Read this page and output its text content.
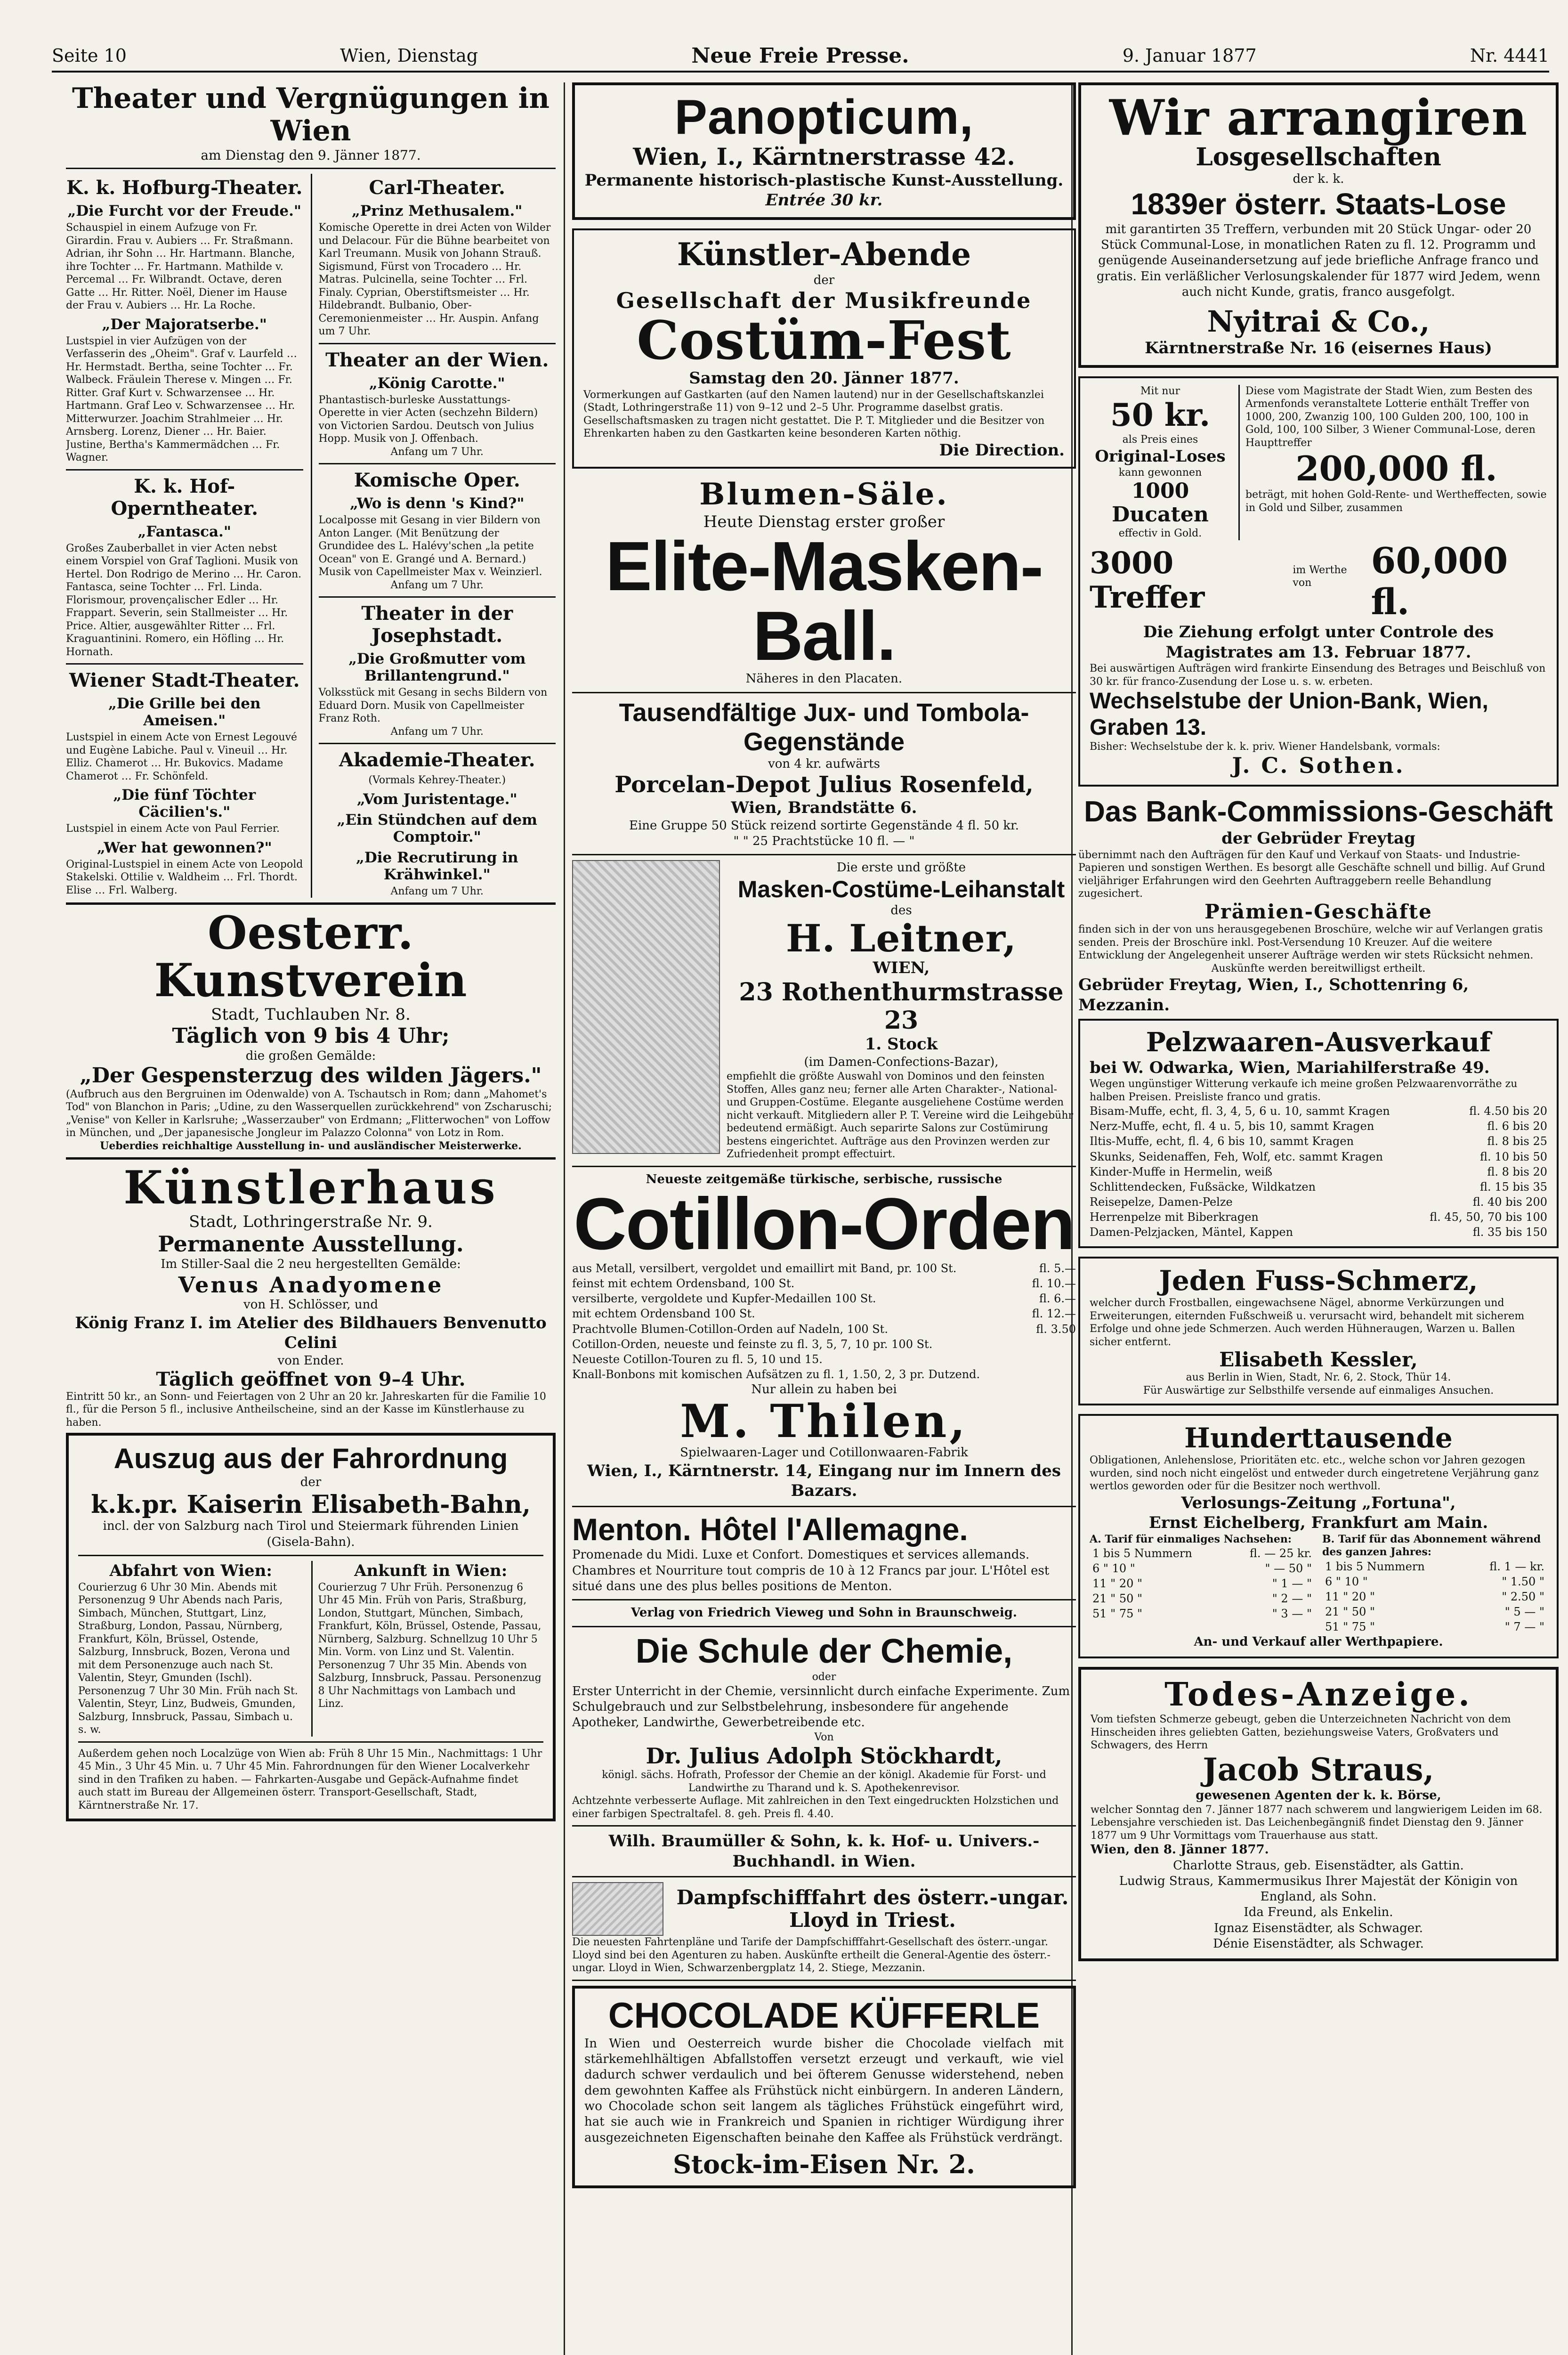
Seite 10	Wien, Dienstag	Neue Freie Presse.	9. Januar 1877	Nr. 4441
Theater und Vergnügungen in Wien
am Dienstag den 9. Jänner 1877.
K. k. Hofburg-Theater.
„Die Furcht vor der Freude."
Schauspiel in einem Aufzuge von Fr. Girardin. Frau v. Aubiers … Fr. Straßmann. Adrian, ihr Sohn … Hr. Hartmann. Blanche, ihre Tochter … Fr. Hartmann. Mathilde v. Percemal … Fr. Wilbrandt. Octave, deren Gatte … Hr. Ritter. Noël, Diener im Hause der Frau v. Aubiers … Hr. La Roche.
„Der Majoratserbe."
Lustspiel in vier Aufzügen von der Verfasserin des „Oheim". Graf v. Laurfeld … Hr. Hermstadt. Bertha, seine Tochter … Fr. Walbeck. Fräulein Therese v. Mingen … Fr. Ritter. Graf Kurt v. Schwarzensee … Hr. Hartmann. Graf Leo v. Schwarzensee … Hr. Mitterwurzer. Joachim Strahlmeier … Hr. Arnsberg. Lorenz, Diener … Hr. Baier. Justine, Bertha's Kammermädchen … Fr. Wagner.
K. k. Hof-Operntheater.
„Fantasca."
Großes Zauberballet in vier Acten nebst einem Vorspiel von Graf Taglioni. Musik von Hertel. Don Rodrigo de Merino … Hr. Caron. Fantasca, seine Tochter … Frl. Linda. Florismour, provençalischer Edler … Hr. Frappart. Severin, sein Stallmeister … Hr. Price. Altier, ausgewählter Ritter … Frl. Kraguantinini. Romero, ein Höfling … Hr. Hornath.
Wiener Stadt-Theater.
„Die Grille bei den Ameisen."
Lustspiel in einem Acte von Ernest Legouvé und Eugène Labiche. Paul v. Vineuil … Hr. Elliz. Chamerot … Hr. Bukovics. Madame Chamerot … Fr. Schönfeld.
„Die fünf Töchter Cäcilien's."
Lustspiel in einem Acte von Paul Ferrier.
„Wer hat gewonnen?"
Original-Lustspiel in einem Acte von Leopold Stakelski. Ottilie v. Waldheim … Frl. Thordt. Elise … Frl. Walberg.
Carl-Theater.
„Prinz Methusalem."
Komische Operette in drei Acten von Wilder und Delacour. Für die Bühne bearbeitet von Karl Treumann. Musik von Johann Strauß. Sigismund, Fürst von Trocadero … Hr. Matras. Pulcinella, seine Tochter … Frl. Finaly. Cyprian, Oberstiftsmeister … Hr. Hildebrandt. Bulbanio, Ober-Ceremonienmeister … Hr. Auspin. Anfang um 7 Uhr.
Theater an der Wien.
„König Carotte."
Phantastisch-burleske Ausstattungs-Operette in vier Acten (sechzehn Bildern) von Victorien Sardou. Deutsch von Julius Hopp. Musik von J. Offenbach.
Anfang um 7 Uhr.
Komische Oper.
„Wo is denn 's Kind?"
Localposse mit Gesang in vier Bildern von Anton Langer. (Mit Benützung der Grundidee des L. Halévy'schen „la petite Ocean" von E. Grangé und A. Bernard.) Musik von Capellmeister Max v. Weinzierl.
Anfang um 7 Uhr.
Theater in der Josephstadt.
„Die Großmutter vom Brillantengrund."
Volksstück mit Gesang in sechs Bildern von Eduard Dorn. Musik von Capellmeister Franz Roth.
Anfang um 7 Uhr.
Akademie-Theater.
(Vormals Kehrey-Theater.)
„Vom Juristentage."
„Ein Stündchen auf dem Comptoir."
„Die Recrutirung in Krähwinkel."
Anfang um 7 Uhr.
Oesterr. Kunstverein
Stadt, Tuchlauben Nr. 8.
Täglich von 9 bis 4 Uhr;
die großen Gemälde:
„Der Gespensterzug des wilden Jägers."
(Aufbruch aus den Bergruinen im Odenwalde) von A. Tschautsch in Rom; dann „Mahomet's Tod" von Blanchon in Paris; „Udine, zu den Wasserquellen zurückkehrend" von Zscharuschi; „Venise" von Keller in Karlsruhe; „Wasserzauber" von Erdmann; „Flitterwochen" von Loffow in München, und „Der japanesische Jongleur im Palazzo Colonna" von Lotz in Rom.
Ueberdies reichhaltige Ausstellung in- und ausländischer Meisterwerke.
Künstlerhaus
Stadt, Lothringerstraße Nr. 9.
Permanente Ausstellung.
Im Stiller-Saal die 2 neu hergestellten Gemälde:
Venus Anadyomene
von H. Schlösser, und
König Franz I. im Atelier des Bildhauers Benvenutto Celini
von Ender.
Täglich geöffnet von 9–4 Uhr.
Eintritt 50 kr., an Sonn- und Feiertagen von 2 Uhr an 20 kr. Jahreskarten für die Familie 10 fl., für die Person 5 fl., inclusive Antheilscheine, sind an der Kasse im Künstlerhause zu haben.
Auszug aus der Fahrordnung
der
k.k.pr. Kaiserin Elisabeth-Bahn,
incl. der von Salzburg nach Tirol und Steiermark führenden Linien (Gisela-Bahn).
Abfahrt von Wien:
Courierzug 6 Uhr 30 Min. Abends mit Personenzug 9 Uhr Abends nach Paris, Simbach, München, Stuttgart, Linz, Straßburg, London, Passau, Nürnberg, Frankfurt, Köln, Brüssel, Ostende, Salzburg, Innsbruck, Bozen, Verona und mit dem Personenzuge auch nach St. Valentin, Steyr, Gmunden (Ischl). Personenzug 7 Uhr 30 Min. Früh nach St. Valentin, Steyr, Linz, Budweis, Gmunden, Salzburg, Innsbruck, Passau, Simbach u. s. w.
Ankunft in Wien:
Courierzug 7 Uhr Früh. Personenzug 6 Uhr 45 Min. Früh von Paris, Straßburg, London, Stuttgart, München, Simbach, Frankfurt, Köln, Brüssel, Ostende, Passau, Nürnberg, Salzburg. Schnellzug 10 Uhr 5 Min. Vorm. von Linz und St. Valentin. Personenzug 7 Uhr 35 Min. Abends von Salzburg, Innsbruck, Passau. Personenzug 8 Uhr Nachmittags von Lambach und Linz.
Außerdem gehen noch Localzüge von Wien ab: Früh 8 Uhr 15 Min., Nachmittags: 1 Uhr 45 Min., 3 Uhr 45 Min. u. 7 Uhr 45 Min. Fahrordnungen für den Wiener Localverkehr sind in den Trafiken zu haben. — Fahrkarten-Ausgabe und Gepäck-Aufnahme findet auch statt im Bureau der Allgemeinen österr. Transport-Gesellschaft, Stadt, Kärntnerstraße Nr. 17.
Panopticum,
Wien, I., Kärntnerstrasse 42.
Permanente historisch-plastische Kunst-Ausstellung.
Entrée 30 kr.
Künstler-Abende
der
Gesellschaft der Musikfreunde
Costüm-Fest
Samstag den 20. Jänner 1877.
Vormerkungen auf Gastkarten (auf den Namen lautend) nur in der Gesellschaftskanzlei (Stadt, Lothringerstraße 11) von 9–12 und 2–5 Uhr. Programme daselbst gratis. Gesellschaftsmasken zu tragen nicht gestattet. Die P. T. Mitglieder und die Besitzer von Ehrenkarten haben zu den Gastkarten keine besonderen Karten nöthig.
Die Direction.
Blumen-Säle.
Heute Dienstag erster großer
Elite-Masken-Ball.
Näheres in den Placaten.
Tausendfältige Jux- und Tombola-Gegenstände
von 4 kr. aufwärts
Porcelan-Depot Julius Rosenfeld,
Wien, Brandstätte 6.
Eine Gruppe 50 Stück reizend sortirte Gegenstände 4 fl. 50 kr.
" " 25 Prachtstücke 10 fl. — "
Die erste und größte
Masken-Costüme-Leihanstalt
des
H. Leitner,
WIEN,
23 Rothenthurmstrasse 23
1. Stock
(im Damen-Confections-Bazar),
empfiehlt die größte Auswahl von Dominos und den feinsten Stoffen, Alles ganz neu; ferner alle Arten Charakter-, National- und Gruppen-Costüme. Elegante ausgeliehene Costüme werden nicht verkauft. Mitgliedern aller P. T. Vereine wird die Leihgebühr bedeutend ermäßigt. Auch separirte Salons zur Costümirung bestens eingerichtet. Aufträge aus den Provinzen werden zur Zufriedenheit prompt effectuirt.
Neueste zeitgemäße türkische, serbische, russische
Cotillon-Orden
aus Metall, versilbert, vergoldet und emaillirt mit Band, pr. 100 St.	fl. 5.—
feinst mit echtem Ordensband, 100 St.	fl. 10.—
versilberte, vergoldete und Kupfer-Medaillen 100 St.	fl. 6.—
mit echtem Ordensband 100 St.	fl. 12.—
Prachtvolle Blumen-Cotillon-Orden auf Nadeln, 100 St.	fl. 3.50
Cotillon-Orden, neueste und feinste zu fl. 3, 5, 7, 10 pr. 100 St.
Neueste Cotillon-Touren zu fl. 5, 10 und 15.
Knall-Bonbons mit komischen Aufsätzen zu fl. 1, 1.50, 2, 3 pr. Dutzend.
Nur allein zu haben bei
M. Thilen,
Spielwaaren-Lager und Cotillonwaaren-Fabrik
Wien, I., Kärntnerstr. 14, Eingang nur im Innern des Bazars.
Menton. Hôtel l'Allemagne.
Promenade du Midi. Luxe et Confort. Domestiques et services allemands. Chambres et Nourriture tout compris de 10 à 12 Francs par jour. L'Hôtel est situé dans une des plus belles positions de Menton.
Verlag von Friedrich Vieweg und Sohn in Braunschweig.
Die Schule der Chemie,
oder
Erster Unterricht in der Chemie, versinnlicht durch einfache Experimente. Zum Schulgebrauch und zur Selbstbelehrung, insbesondere für angehende Apotheker, Landwirthe, Gewerbetreibende etc.
Von
Dr. Julius Adolph Stöckhardt,
königl. sächs. Hofrath, Professor der Chemie an der königl. Akademie für Forst- und Landwirthe zu Tharand und k. S. Apothekenrevisor.
Achtzehnte verbesserte Auflage. Mit zahlreichen in den Text eingedruckten Holzstichen und einer farbigen Spectraltafel. 8. geh. Preis fl. 4.40.
Wilh. Braumüller & Sohn, k. k. Hof- u. Univers.-Buchhandl. in Wien.
Dampfschifffahrt des österr.-ungar. Lloyd in Triest.
Die neuesten Fahrtenpläne und Tarife der Dampfschifffahrt-Gesellschaft des österr.-ungar. Lloyd sind bei den Agenturen zu haben. Auskünfte ertheilt die General-Agentie des österr.-ungar. Lloyd in Wien, Schwarzenbergplatz 14, 2. Stiege, Mezzanin.
CHOCOLADE KÜFFERLE
In Wien und Oesterreich wurde bisher die Chocolade vielfach mit stärkemehlhältigen Abfallstoffen versetzt erzeugt und verkauft, wie viel dadurch schwer verdaulich und bei öfterem Genusse widerstehend, neben dem gewohnten Kaffee als Frühstück nicht einbürgern. In anderen Ländern, wo Chocolade schon seit langem als tägliches Frühstück eingeführt wird, hat sie auch wie in Frankreich und Spanien in richtiger Würdigung ihrer ausgezeichneten Eigenschaften beinahe den Kaffee als Frühstück verdrängt.
Stock-im-Eisen Nr. 2.
Wir arrangiren
Losgesellschaften
der k. k.
1839er österr. Staats-Lose
mit garantirten 35 Treffern, verbunden mit 20 Stück Ungar- oder 20 Stück Communal-Lose, in monatlichen Raten zu fl. 12. Programm und genügende Auseinandersetzung auf jede briefliche Anfrage franco und gratis. Ein verläßlicher Verlosungskalender für 1877 wird Jedem, wenn auch nicht Kunde, gratis, franco ausgefolgt.
Nyitrai & Co.,
Kärntnerstraße Nr. 16 (eisernes Haus)
Mit nur
50 kr.
als Preis eines
Original-Loses
kann gewonnen
1000 Ducaten
effectiv in Gold.
Diese vom Magistrate der Stadt Wien, zum Besten des Armenfonds veranstaltete Lotterie enthält Treffer von 1000, 200, Zwanzig 100, 100 Gulden 200, 100, 100 in Gold, 100, 100 Silber, 3 Wiener Communal-Lose, deren Haupttreffer
200,000 fl.
beträgt, mit hohen Gold-Rente- und Wertheffecten, sowie in Gold und Silber, zusammen
3000 Treffer
im Werthe von
60,000 fl.
Die Ziehung erfolgt unter Controle des Magistrates am 13. Februar 1877.
Bei auswärtigen Aufträgen wird frankirte Einsendung des Betrages und Beischluß von 30 kr. für franco-Zusendung der Lose u. s. w. erbeten.
Wechselstube der Union-Bank, Wien, Graben 13.
Bisher: Wechselstube der k. k. priv. Wiener Handelsbank, vormals:
J. C. Sothen.
Das Bank-Commissions-Geschäft
der Gebrüder Freytag
übernimmt nach den Aufträgen für den Kauf und Verkauf von Staats- und Industrie-Papieren und sonstigen Werthen. Es besorgt alle Geschäfte schnell und billig. Auf Grund vieljähriger Erfahrungen wird den Geehrten Auftraggebern reelle Behandlung zugesichert.
Prämien-Geschäfte
finden sich in der von uns herausgegebenen Broschüre, welche wir auf Verlangen gratis senden. Preis der Broschüre inkl. Post-Versendung 10 Kreuzer. Auf die weitere Entwicklung der Angelegenheit unserer Aufträge werden wir stets Rücksicht nehmen.
Auskünfte werden bereitwilligst ertheilt.
Gebrüder Freytag, Wien, I., Schottenring 6, Mezzanin.
Pelzwaaren-Ausverkauf
bei W. Odwarka, Wien, Mariahilferstraße 49.
Wegen ungünstiger Witterung verkaufe ich meine großen Pelzwaarenvorräthe zu halben Preisen. Preisliste franco und gratis.
Bisam-Muffe, echt, fl. 3, 4, 5, 6 u. 10, sammt Kragen	fl. 4.50 bis 20
Nerz-Muffe, echt, fl. 4 u. 5, bis 10, sammt Kragen	fl. 6 bis 20
Iltis-Muffe, echt, fl. 4, 6 bis 10, sammt Kragen	fl. 8 bis 25
Skunks, Seidenaffen, Feh, Wolf, etc. sammt Kragen	fl. 10 bis 50
Kinder-Muffe in Hermelin, weiß	fl. 8 bis 20
Schlittendecken, Fußsäcke, Wildkatzen	fl. 15 bis 35
Reisepelze, Damen-Pelze	fl. 40 bis 200
Herrenpelze mit Biberkragen	fl. 45, 50, 70 bis 100
Damen-Pelzjacken, Mäntel, Kappen	fl. 35 bis 150
Jeden Fuss-Schmerz,
welcher durch Frostballen, eingewachsene Nägel, abnorme Verkürzungen und Erweiterungen, eiternden Fußschweiß u. verursacht wird, behandelt mit sicherem Erfolge und ohne jede Schmerzen. Auch werden Hühneraugen, Warzen u. Ballen sicher entfernt.
Elisabeth Kessler,
aus Berlin in Wien, Stadt, Nr. 6, 2. Stock, Thür 14.
Für Auswärtige zur Selbsthilfe versende auf einmaliges Ansuchen.
Hunderttausende
Obligationen, Anlehenslose, Prioritäten etc. etc., welche schon vor Jahren gezogen wurden, sind noch nicht eingelöst und entweder durch eingetretene Verjährung ganz wertlos geworden oder für die Besitzer noch werthvoll.
Verlosungs-Zeitung „Fortuna",
Ernst Eichelberg, Frankfurt am Main.
A. Tarif für einmaliges Nachsehen:
1 bis 5 Nummern	fl. — 25 kr.
6 " 10 "	" — 50 "
11 " 20 "	" 1 — "
21 " 50 "	" 2 — "
51 " 75 "	" 3 — "
B. Tarif für das Abonnement während des ganzen Jahres:
1 bis 5 Nummern	fl. 1 — kr.
6 " 10 "	" 1.50 "
11 " 20 "	" 2.50 "
21 " 50 "	" 5 — "
51 " 75 "	" 7 — "
An- und Verkauf aller Werthpapiere.
Todes-Anzeige.
Vom tiefsten Schmerze gebeugt, geben die Unterzeichneten Nachricht von dem Hinscheiden ihres geliebten Gatten, beziehungsweise Vaters, Großvaters und Schwagers, des Herrn
Jacob Straus,
gewesenen Agenten der k. k. Börse,
welcher Sonntag den 7. Jänner 1877 nach schwerem und langwierigem Leiden im 68. Lebensjahre verschieden ist. Das Leichenbegängniß findet Dienstag den 9. Jänner 1877 um 9 Uhr Vormittags vom Trauerhause aus statt.
Wien, den 8. Jänner 1877.
Charlotte Straus, geb. Eisenstädter, als Gattin.
Ludwig Straus, Kammermusikus Ihrer Majestät der Königin von England, als Sohn.
Ida Freund, als Enkelin.
Ignaz Eisenstädter, als Schwager.
Dénie Eisenstädter, als Schwager.
